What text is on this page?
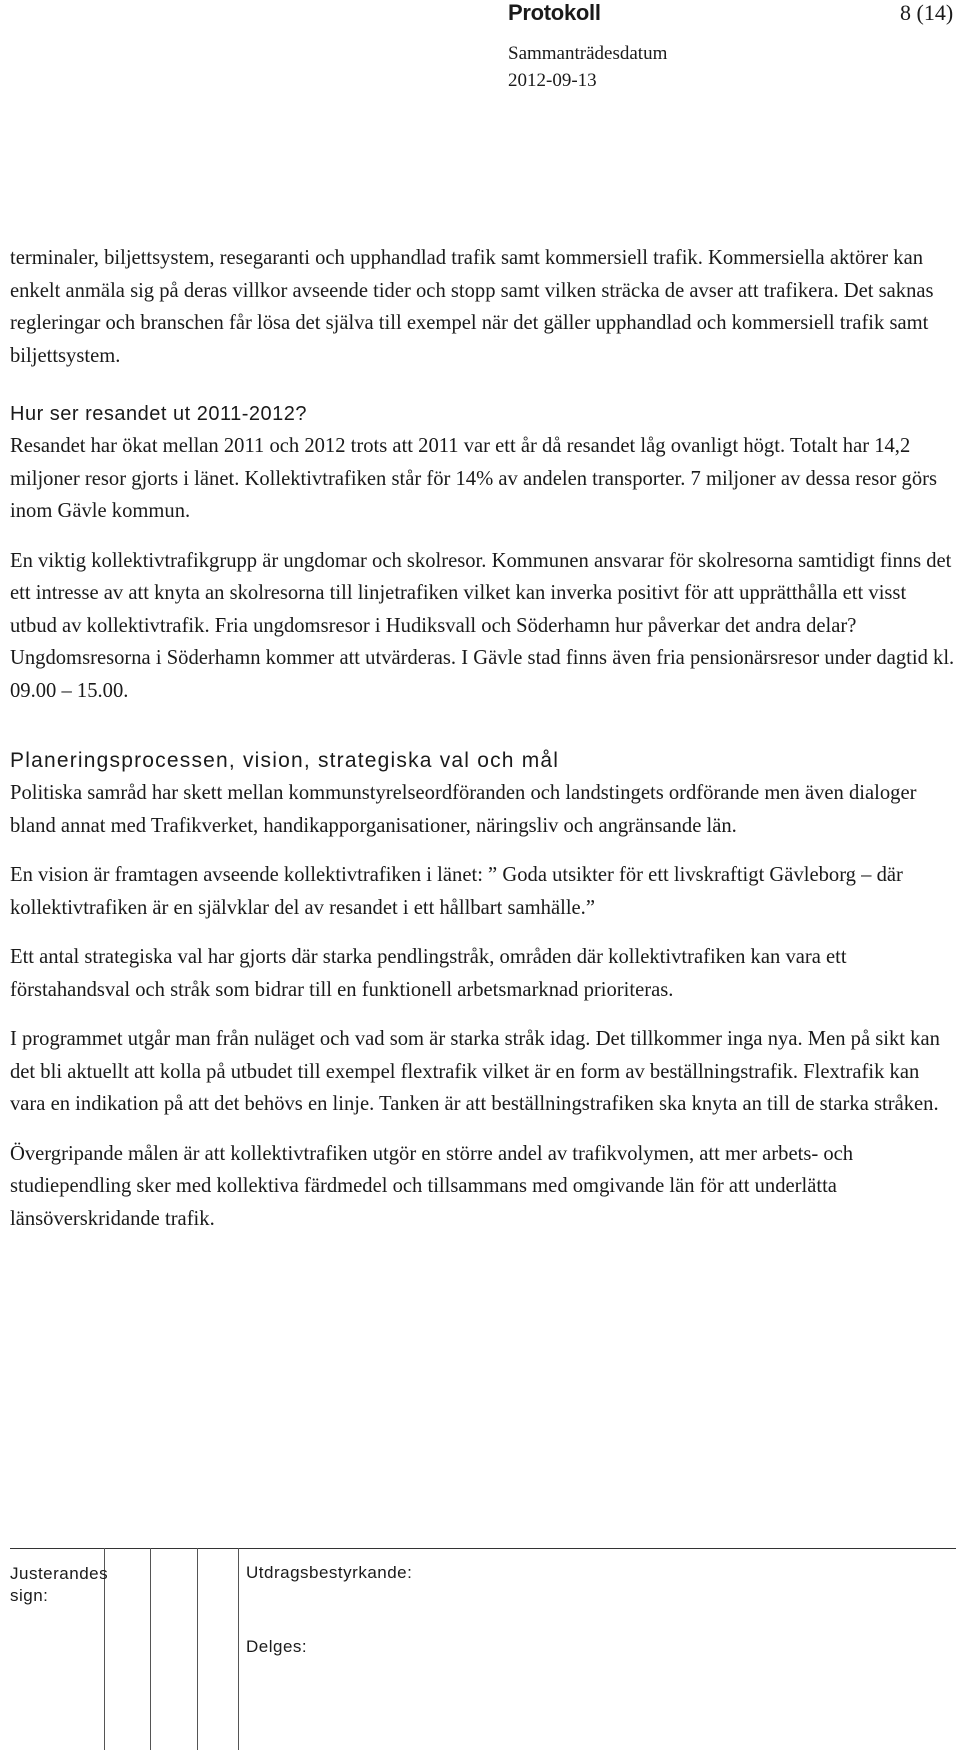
Protokoll	8 (14)
Sammanträdesdatum
2012-09-13

terminaler, biljettsystem, resegaranti och upphandlad trafik samt kommersiell trafik. Kommersiella aktörer kan enkelt anmäla sig på deras villkor avseende tider och stopp samt vilken sträcka de avser att trafikera. Det saknas regleringar och branschen får lösa det själva till exempel när det gäller upphandlad och kommersiell trafik samt biljettsystem.

Hur ser resandet ut 2011-2012?

Resandet har ökat mellan 2011 och 2012 trots att 2011 var ett år då resandet låg ovanligt högt. Totalt har 14,2 miljoner resor gjorts i länet. Kollektivtrafiken står för 14% av andelen transporter. 7 miljoner av dessa resor görs inom Gävle kommun.

En viktig kollektivtrafikgrupp är ungdomar och skolresor. Kommunen ansvarar för skolresorna samtidigt finns det ett intresse av att knyta an skolresorna till linjetrafiken vilket kan inverka positivt för att upprätthålla ett visst utbud av kollektivtrafik. Fria ungdomsresor i Hudiksvall och Söderhamn hur påverkar det andra delar? Ungdomsresorna i Söderhamn kommer att utvärderas. I Gävle stad finns även fria pensionärsresor under dagtid kl. 09.00 – 15.00.

Planeringsprocessen, vision, strategiska val och mål

Politiska samråd har skett mellan kommunstyrelseordföranden och landstingets ordförande men även dialoger bland annat med Trafikverket, handikapporganisationer, näringsliv och angränsande län.

En vision är framtagen avseende kollektivtrafiken i länet: ” Goda utsikter för ett livskraftigt Gävleborg – där kollektivtrafiken är en självklar del av resandet i ett hållbart samhälle.”

Ett antal strategiska val har gjorts där starka pendlingstråk, områden där kollektivtrafiken kan vara ett förstahandsval och stråk som bidrar till en funktionell arbetsmarknad prioriteras.

I programmet utgår man från nuläget och vad som är starka stråk idag. Det tillkommer inga nya. Men på sikt kan det bli aktuellt att kolla på utbudet till exempel flextrafik vilket är en form av beställningstrafik. Flextrafik kan vara en indikation på att det behövs en linje. Tanken är att beställningstrafiken ska knyta an till de starka stråken.

Övergripande målen är att kollektivtrafiken utgör en större andel av trafikvolymen, att mer arbets- och studiependling sker med kollektiva färdmedel och tillsammans med omgivande län för att underlätta länsöverskridande trafik.

Justerandes sign:
Utdragsbestyrkande:
Delges:
